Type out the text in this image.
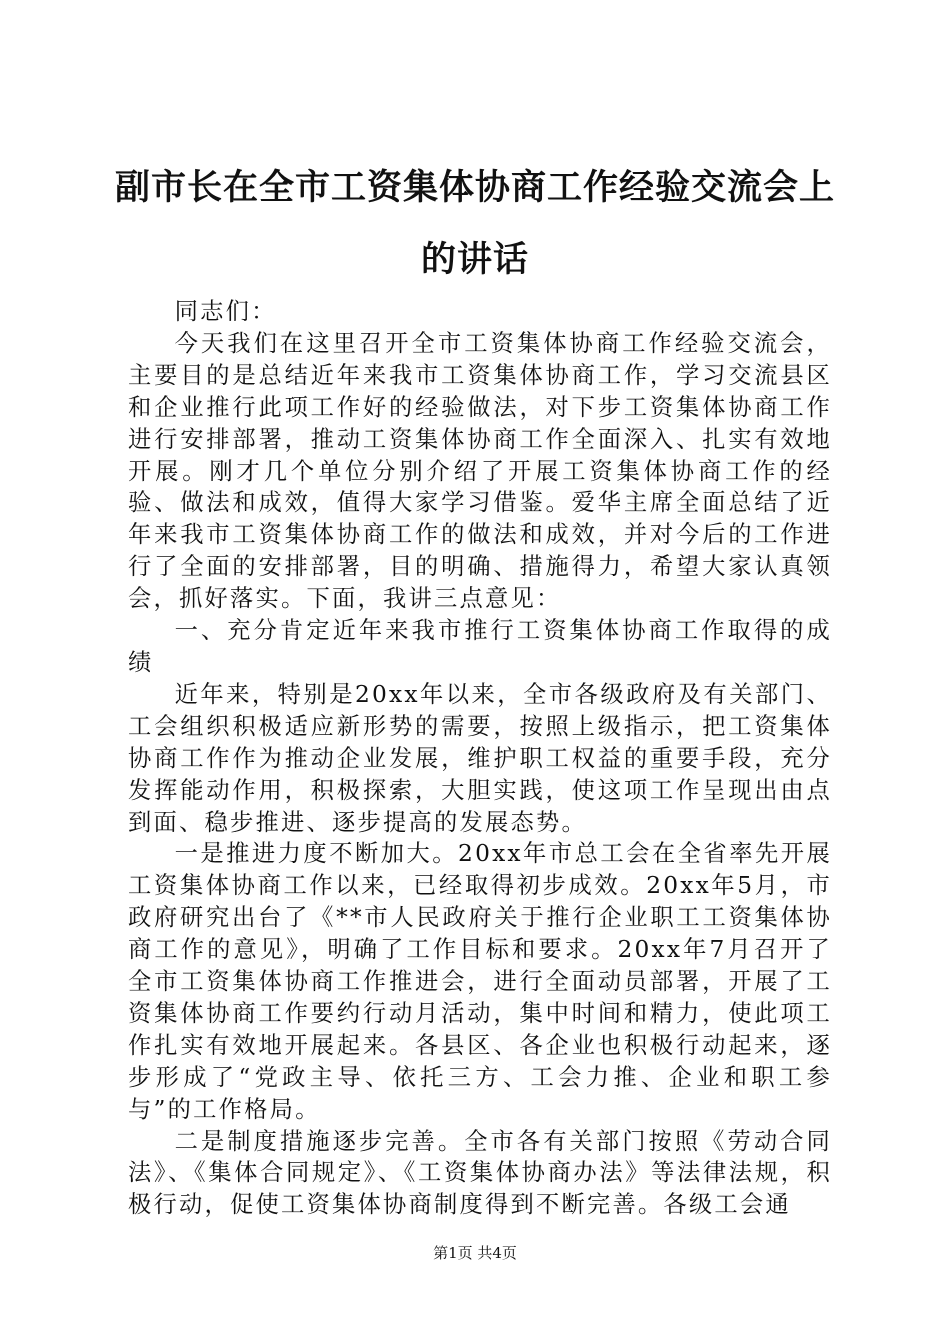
副市长在全市工资集体协商工作经验交流会上的讲话

同志们：

今天我们在这里召开全市工资集体协商工作经验交流会，主要目的是总结近年来我市工资集体协商工作，学习交流县区和企业推行此项工作好的经验做法，对下步工资集体协商工作进行安排部署，推动工资集体协商工作全面深入、扎实有效地开展。刚才几个单位分别介绍了开展工资集体协商工作的经验、做法和成效，值得大家学习借鉴。爱华主席全面总结了近年来我市工资集体协商工作的做法和成效，并对今后的工作进行了全面的安排部署，目的明确、措施得力，希望大家认真领会，抓好落实。下面，我讲三点意见：

一、充分肯定近年来我市推行工资集体协商工作取得的成绩

近年来，特别是20xx年以来，全市各级政府及有关部门、工会组织积极适应新形势的需要，按照上级指示，把工资集体协商工作作为推动企业发展，维护职工权益的重要手段，充分发挥能动作用，积极探索，大胆实践，使这项工作呈现出由点到面、稳步推进、逐步提高的发展态势。

一是推进力度不断加大。20xx年市总工会在全省率先开展工资集体协商工作以来，已经取得初步成效。20xx年5月，市政府研究出台了《**市人民政府关于推行企业职工工资集体协商工作的意见》，明确了工作目标和要求。20xx年7月召开了全市工资集体协商工作推进会，进行全面动员部署，开展了工资集体协商工作要约行动月活动，集中时间和精力，使此项工作扎实有效地开展起来。各县区、各企业也积极行动起来，逐步形成了“党政主导、依托三方、工会力推、企业和职工参与”的工作格局。

二是制度措施逐步完善。全市各有关部门按照《劳动合同法》、《集体合同规定》、《工资集体协商办法》等法律法规，积极行动，促使工资集体协商制度得到不断完善。各级工会通

第1页 共4页
